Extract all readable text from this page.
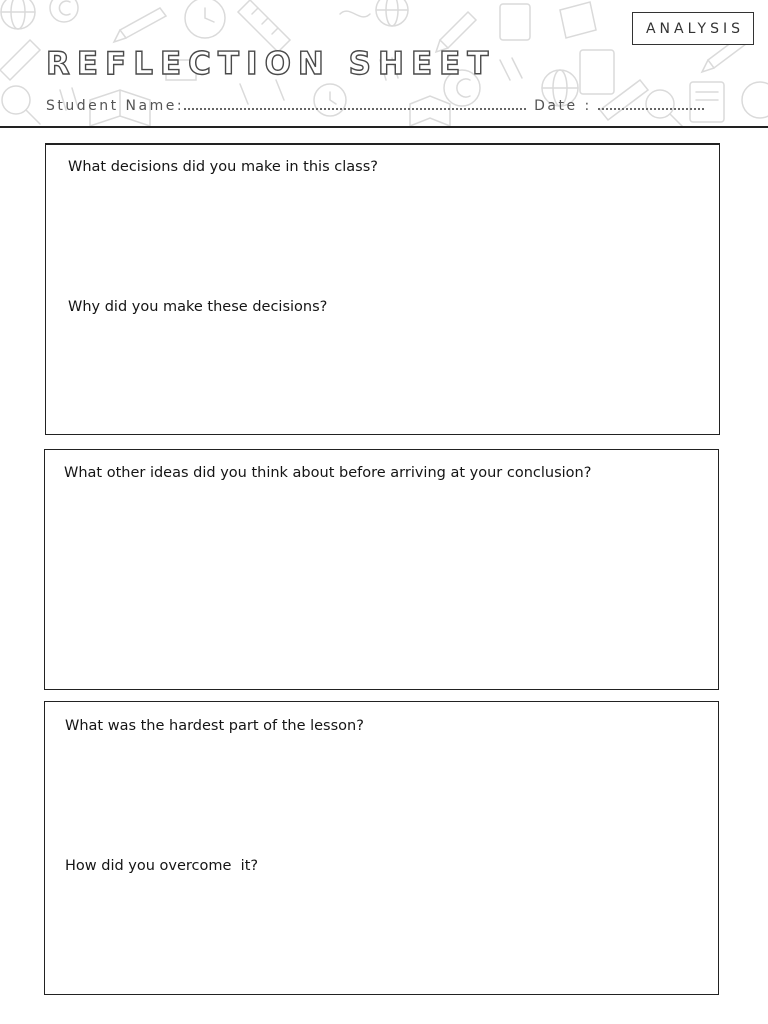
ANALYSIS
REFLECTION SHEET
Student Name:	Date :

What decisions did you make in this class?

Why did you make these decisions?

What other ideas did you think about before arriving at your conclusion?

What was the hardest part of the lesson?

How did you overcome  it?
